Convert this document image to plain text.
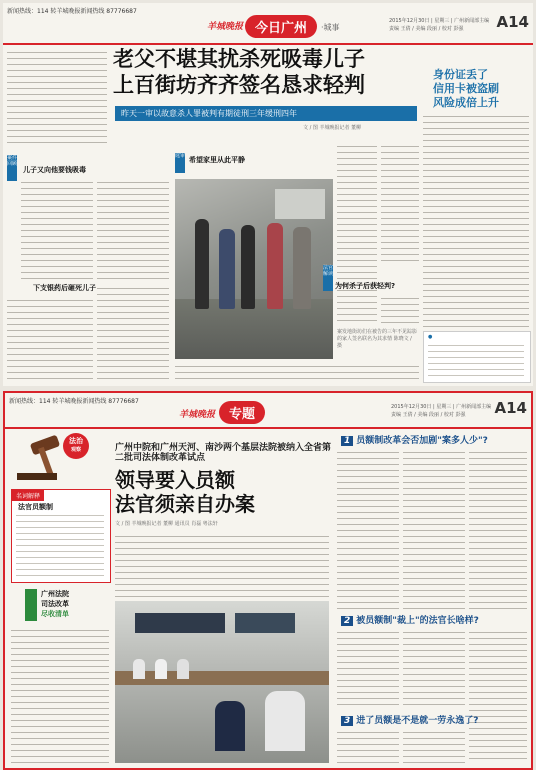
新闻热线：114 转羊城晚报新闻热线 87776687
羊城晚报 今日广州	·城事
2015年12月30日 | 星期三 | 广州新闻部主编
责编 王倩 / 美编 段丽 / 校对 彭强	A14
老父不堪其扰杀死吸毒儿子
上百街坊齐齐签名恳求轻判
昨天一审以故意杀人罪被判有期徒刑三年缓刑四年
文 / 图 羊城晚报记者 董柳
身份证丢了
信用卡被盗刷
风险成倍上升
●
案件回顾
儿子又向他要钱吸毒
下支银药后砸死儿子
案发地街坊们在被告的三年不见踪影的家人签名联名为其求情 陈晓文 / 摄
希望家里从此平静
庭审
为何杀子后获轻判?
法官解读
新闻热线：114 转羊城晚报新闻热线 87776687
羊城晚报	专题	2015年12月30日 | 星期三 | 广州新闻部主编
责编 王倩 / 美编 段丽 / 校对 彭强	A14
法治
观察	广州中院和广州天河、南沙两个基层法院被纳入全省第二批司法体制改革试点
领导要入员额
法官须亲自办案
文 / 图 羊城晚报记者 董柳 通讯员 肖磊 粤法轩
名词解释
法官员额制
广州法院
司法改革
尽收清单
1 员额制改革会否加剧"案多人少"?
2 被员额制"裁上"的法官长啥样?
3 进了员额是不是就一劳永逸了?
